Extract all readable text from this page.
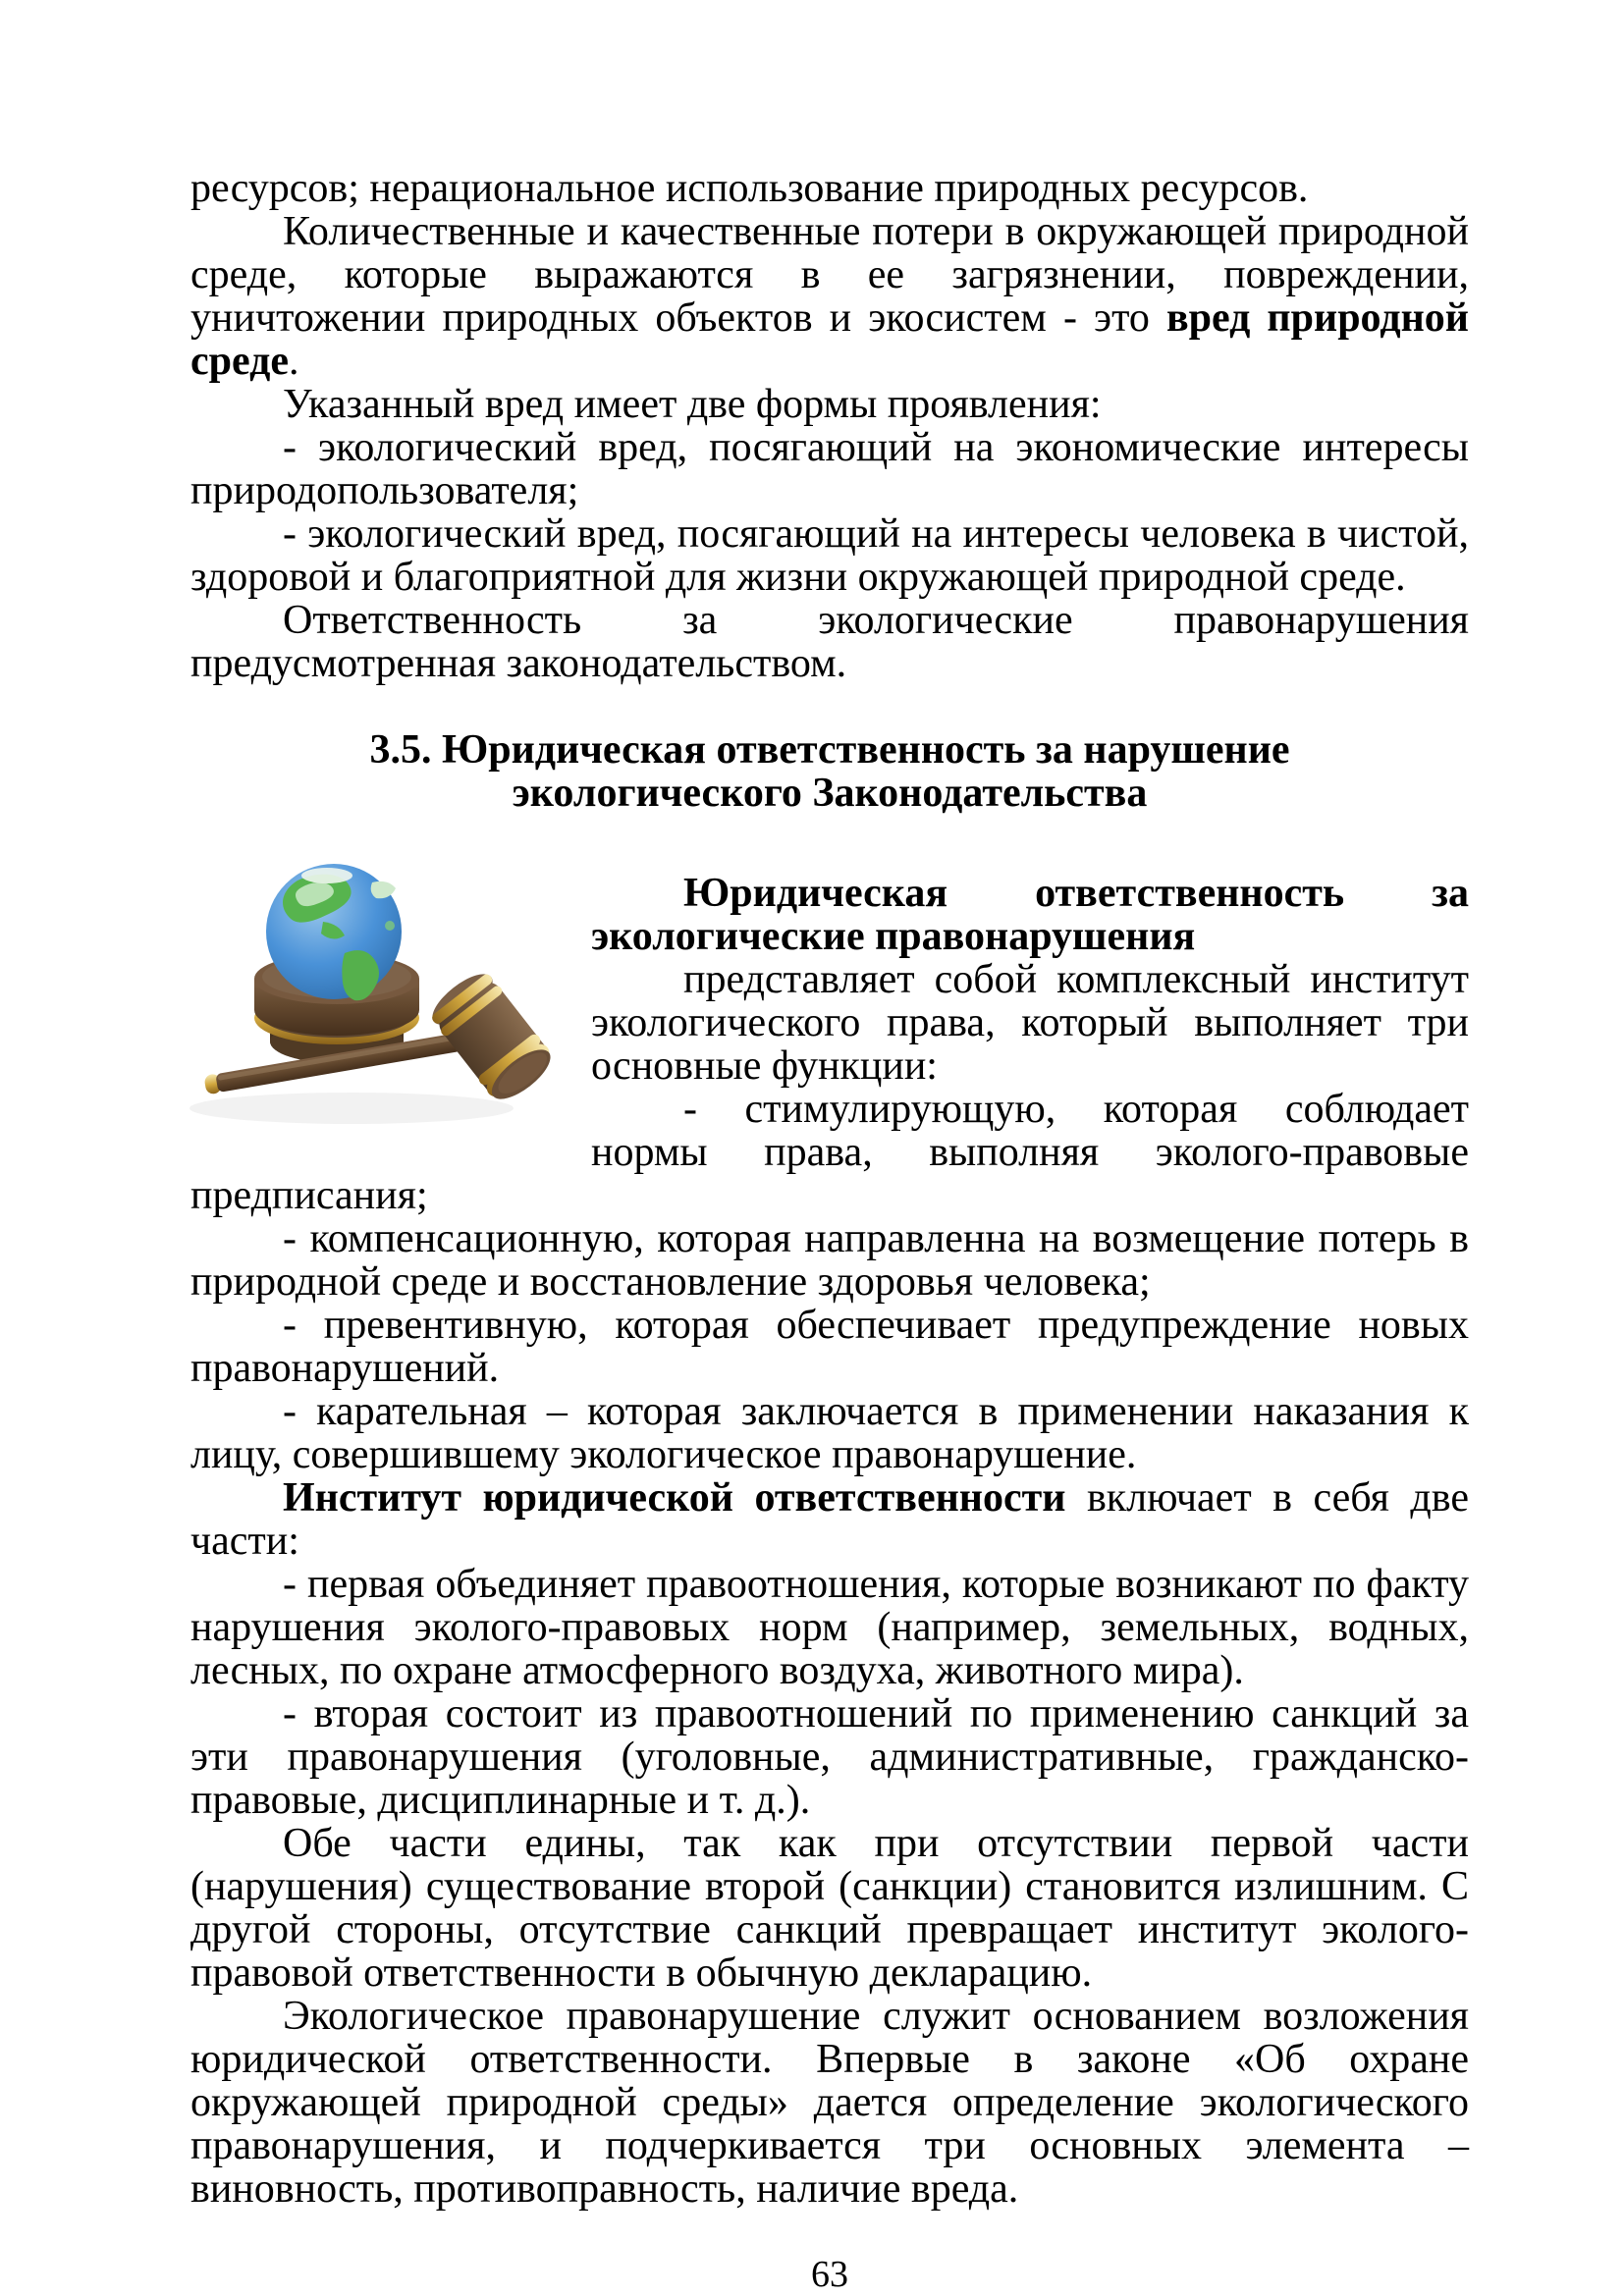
ресурсов; нерациональное использование природных ресурсов.

Количественные и качественные потери в окружающей природной среде, которые выражаются в ее загрязнении, повреждении, уничтожении природных объектов и экосистем - это вред природной среде.

Указанный вред имеет две формы проявления:

- экологический вред, посягающий на экономические интересы природопользователя;

- экологический вред, посягающий на интересы человека в чистой, здоровой и благоприятной для жизни окружающей природной среде.

Ответственность за экологические правонарушения предусмотренная законодательством.

3.5. Юридическая ответственность за нарушение
экологического Законодательства

Юридическая ответственность за экологические правонарушения

представляет собой комплексный институт экологического права, который выполняет три основные функции:

- стимулирующую, которая соблюдает нормы права, выполняя эколого-правовые предписания;

- компенсационную, которая направленна на возмещение потерь в природной среде и восстановление здоровья человека;

- превентивную, которая обеспечивает предупреждение новых правонарушений.

- карательная – которая заключается в применении наказания к лицу, совершившему экологическое правонарушение.

Институт юридической ответственности включает в себя две части:

- первая объединяет правоотношения, которые возникают по факту нарушения эколого-правовых норм (например, земельных, водных, лесных, по охране атмосферного воздуха, животного мира).

- вторая состоит из правоотношений по применению санкций за эти правонарушения (уголовные, административные, гражданско-правовые, дисциплинарные и т. д.).

Обе части едины, так как при отсутствии первой части (нарушения) существование второй (санкции) становится излишним. С другой стороны, отсутствие санкций превращает институт эколого-правовой ответственности в обычную декларацию.

Экологическое правонарушение служит основанием возложения юридической ответственности. Впервые в законе «Об охране окружающей природной среды» дается определение экологического правонарушения, и подчеркивается три основных элемента – виновность, противоправность, наличие вреда.

63
